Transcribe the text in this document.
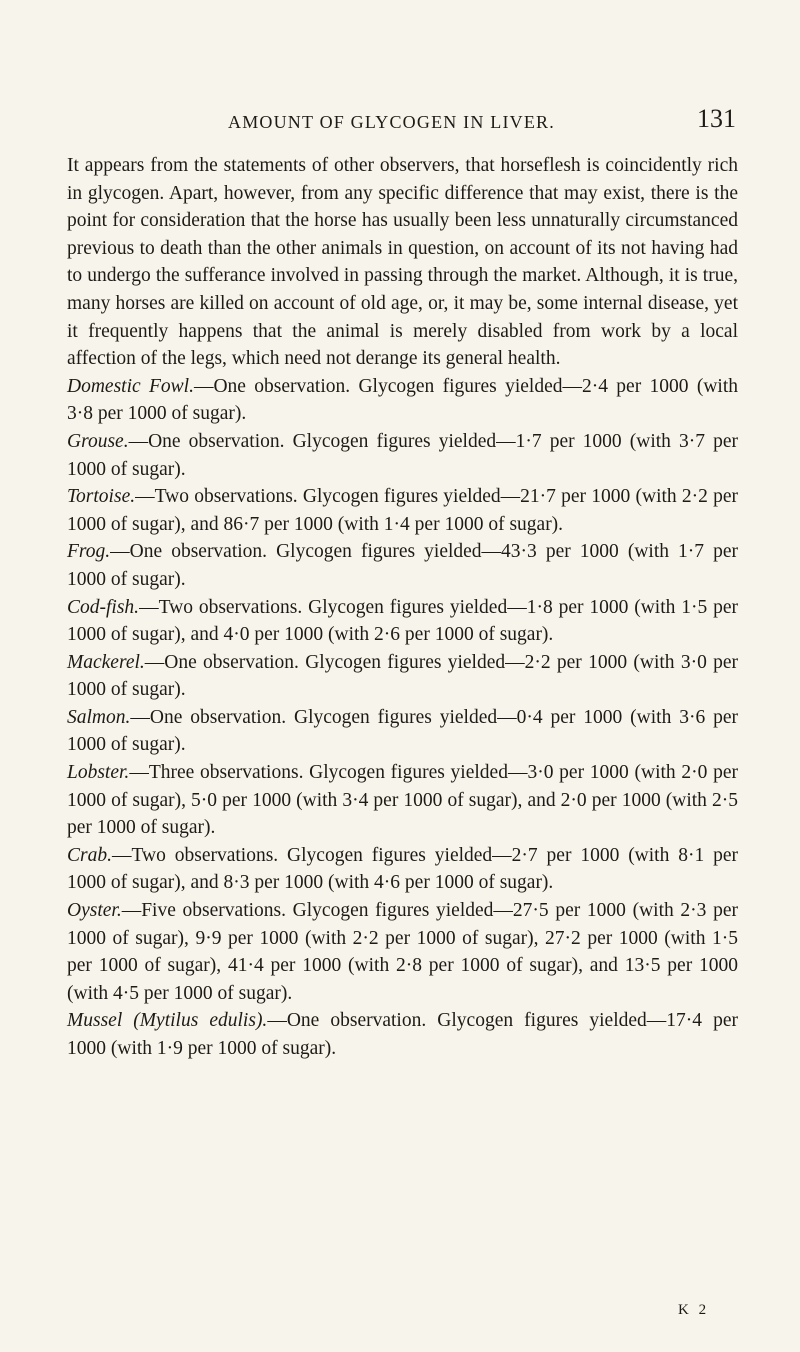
AMOUNT OF GLYCOGEN IN LIVER.	131

It appears from the statements of other observers, that horseflesh is coincidently rich in glycogen. Apart, however, from any specific difference that may exist, there is the point for consideration that the horse has usually been less unnaturally circumstanced previous to death than the other animals in question, on account of its not having had to undergo the sufferance involved in passing through the market. Although, it is true, many horses are killed on account of old age, or, it may be, some internal disease, yet it frequently happens that the animal is merely disabled from work by a local affection of the legs, which need not derange its general health.

Domestic Fowl.—One observation. Glycogen figures yielded—2·4 per 1000 (with 3·8 per 1000 of sugar).

Grouse.—One observation. Glycogen figures yielded—1·7 per 1000 (with 3·7 per 1000 of sugar).

Tortoise.—Two observations. Glycogen figures yielded—21·7 per 1000 (with 2·2 per 1000 of sugar), and 86·7 per 1000 (with 1·4 per 1000 of sugar).

Frog.—One observation. Glycogen figures yielded—43·3 per 1000 (with 1·7 per 1000 of sugar).

Cod-fish.—Two observations. Glycogen figures yielded—1·8 per 1000 (with 1·5 per 1000 of sugar), and 4·0 per 1000 (with 2·6 per 1000 of sugar).

Mackerel.—One observation. Glycogen figures yielded—2·2 per 1000 (with 3·0 per 1000 of sugar).

Salmon.—One observation. Glycogen figures yielded—0·4 per 1000 (with 3·6 per 1000 of sugar).

Lobster.—Three observations. Glycogen figures yielded—3·0 per 1000 (with 2·0 per 1000 of sugar), 5·0 per 1000 (with 3·4 per 1000 of sugar), and 2·0 per 1000 (with 2·5 per 1000 of sugar).

Crab.—Two observations. Glycogen figures yielded—2·7 per 1000 (with 8·1 per 1000 of sugar), and 8·3 per 1000 (with 4·6 per 1000 of sugar).

Oyster.—Five observations. Glycogen figures yielded—27·5 per 1000 (with 2·3 per 1000 of sugar), 9·9 per 1000 (with 2·2 per 1000 of sugar), 27·2 per 1000 (with 1·5 per 1000 of sugar), 41·4 per 1000 (with 2·8 per 1000 of sugar), and 13·5 per 1000 (with 4·5 per 1000 of sugar).

Mussel (Mytilus edulis).—One observation. Glycogen figures yielded—17·4 per 1000 (with 1·9 per 1000 of sugar).

K 2
